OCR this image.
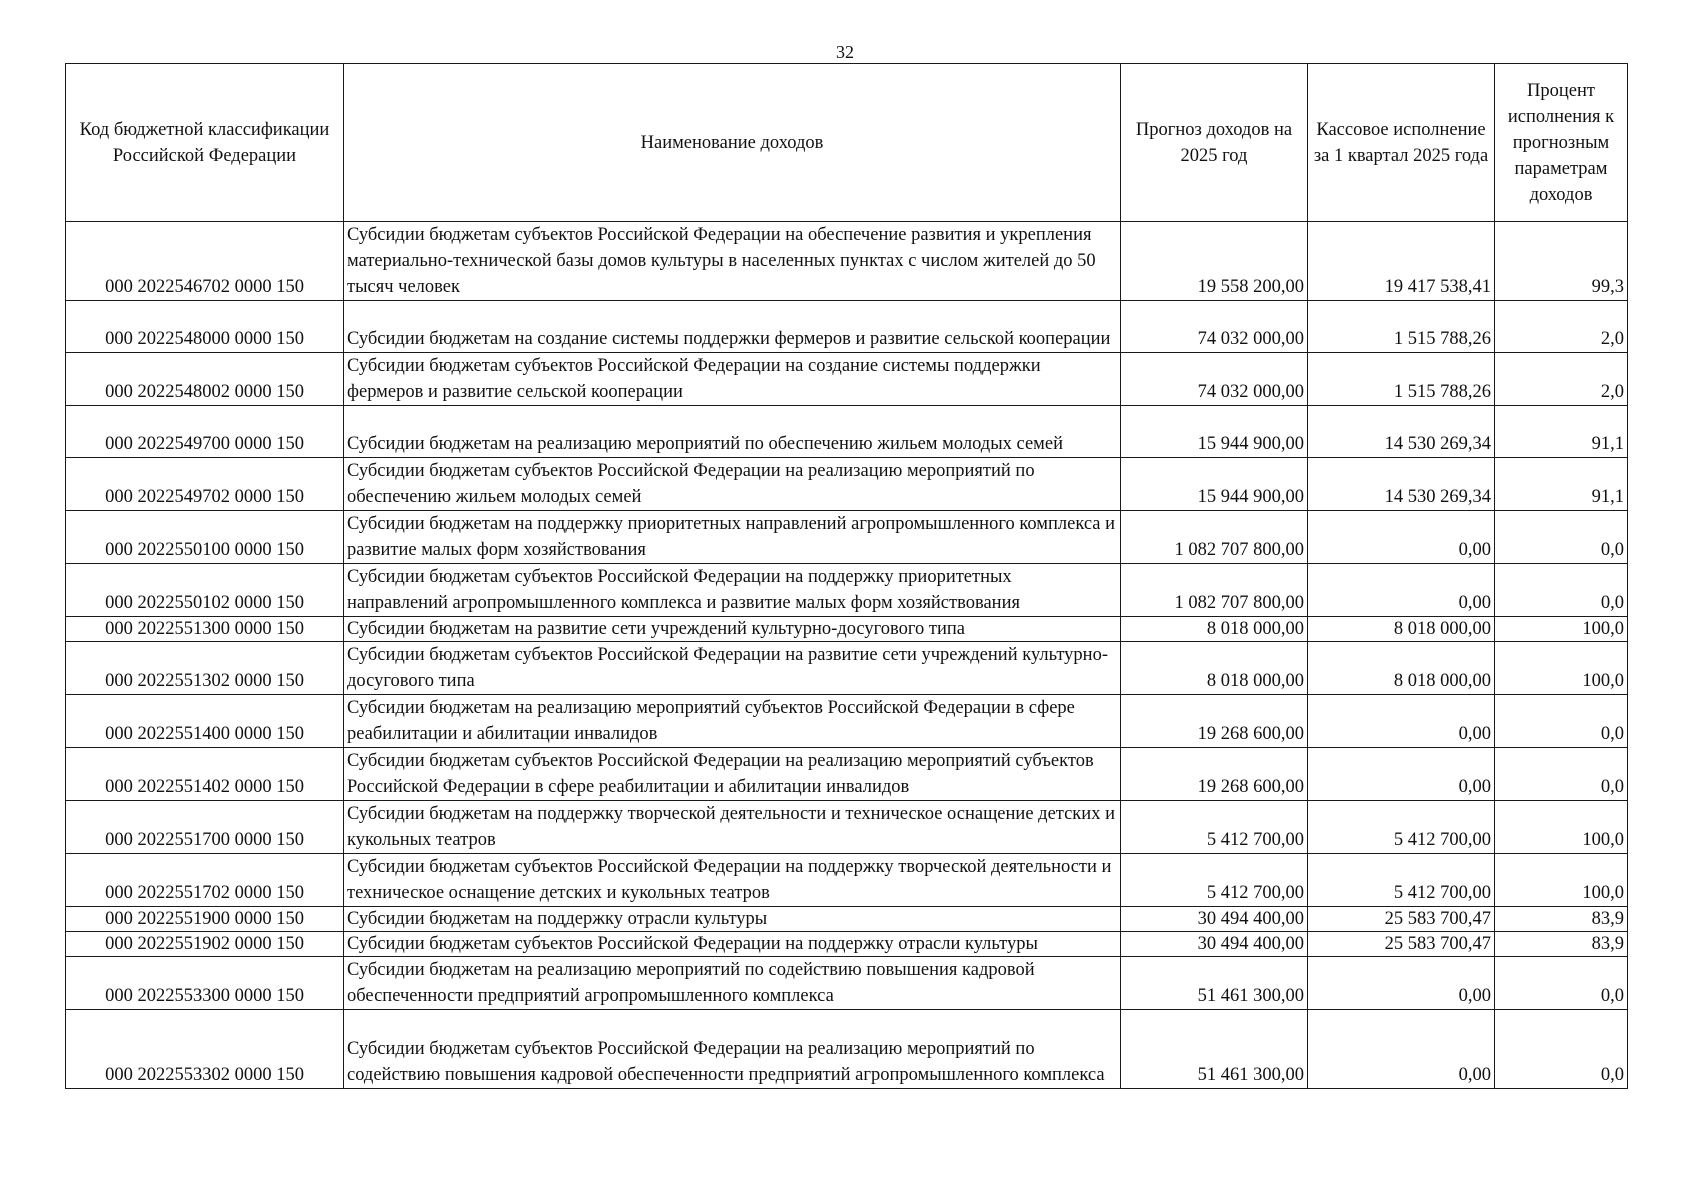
32
Код бюджетной классификации Российской Федерации	Наименование доходов	Прогноз доходов на 2025 год	Кассовое исполнение за 1 квартал 2025 года	Процент исполнения к прогнозным параметрам доходов
000 2022546702 0000 150	Субсидии бюджетам субъектов Российской Федерации на обеспечение развития и укрепления материально-технической базы домов культуры в населенных пунктах с числом жителей до 50 тысяч человек	19 558 200,00	19 417 538,41	99,3
000 2022548000 0000 150	Субсидии бюджетам на создание системы поддержки фермеров и развитие сельской кооперации	74 032 000,00	1 515 788,26	2,0
000 2022548002 0000 150	Субсидии бюджетам субъектов Российской Федерации на создание системы поддержки фермеров и развитие сельской кооперации	74 032 000,00	1 515 788,26	2,0
000 2022549700 0000 150	Субсидии бюджетам на реализацию мероприятий по обеспечению жильем молодых семей	15 944 900,00	14 530 269,34	91,1
000 2022549702 0000 150	Субсидии бюджетам субъектов Российской Федерации на реализацию мероприятий по обеспечению жильем молодых семей	15 944 900,00	14 530 269,34	91,1
000 2022550100 0000 150	Субсидии бюджетам на поддержку приоритетных направлений агропромышленного комплекса и развитие малых форм хозяйствования	1 082 707 800,00	0,00	0,0
000 2022550102 0000 150	Субсидии бюджетам субъектов Российской Федерации на поддержку приоритетных направлений агропромышленного комплекса и развитие малых форм хозяйствования	1 082 707 800,00	0,00	0,0
000 2022551300 0000 150	Субсидии бюджетам на развитие сети учреждений культурно-досугового типа	8 018 000,00	8 018 000,00	100,0
000 2022551302 0000 150	Субсидии бюджетам субъектов Российской Федерации на развитие сети учреждений культурно-досугового типа	8 018 000,00	8 018 000,00	100,0
000 2022551400 0000 150	Субсидии бюджетам на реализацию мероприятий субъектов Российской Федерации в сфере реабилитации и абилитации инвалидов	19 268 600,00	0,00	0,0
000 2022551402 0000 150	Субсидии бюджетам субъектов Российской Федерации на реализацию мероприятий субъектов Российской Федерации в сфере реабилитации и абилитации инвалидов	19 268 600,00	0,00	0,0
000 2022551700 0000 150	Субсидии бюджетам на поддержку творческой деятельности и техническое оснащение детских и кукольных театров	5 412 700,00	5 412 700,00	100,0
000 2022551702 0000 150	Субсидии бюджетам субъектов Российской Федерации на поддержку творческой деятельности и техническое оснащение детских и кукольных театров	5 412 700,00	5 412 700,00	100,0
000 2022551900 0000 150	Субсидии бюджетам на поддержку отрасли культуры	30 494 400,00	25 583 700,47	83,9
000 2022551902 0000 150	Субсидии бюджетам субъектов Российской Федерации на поддержку отрасли культуры	30 494 400,00	25 583 700,47	83,9
000 2022553300 0000 150	Субсидии бюджетам на реализацию мероприятий по содействию повышения кадровой обеспеченности предприятий агропромышленного комплекса	51 461 300,00	0,00	0,0
000 2022553302 0000 150	Субсидии бюджетам субъектов Российской Федерации на реализацию мероприятий по содействию повышения кадровой обеспеченности предприятий агропромышленного комплекса	51 461 300,00	0,00	0,0
